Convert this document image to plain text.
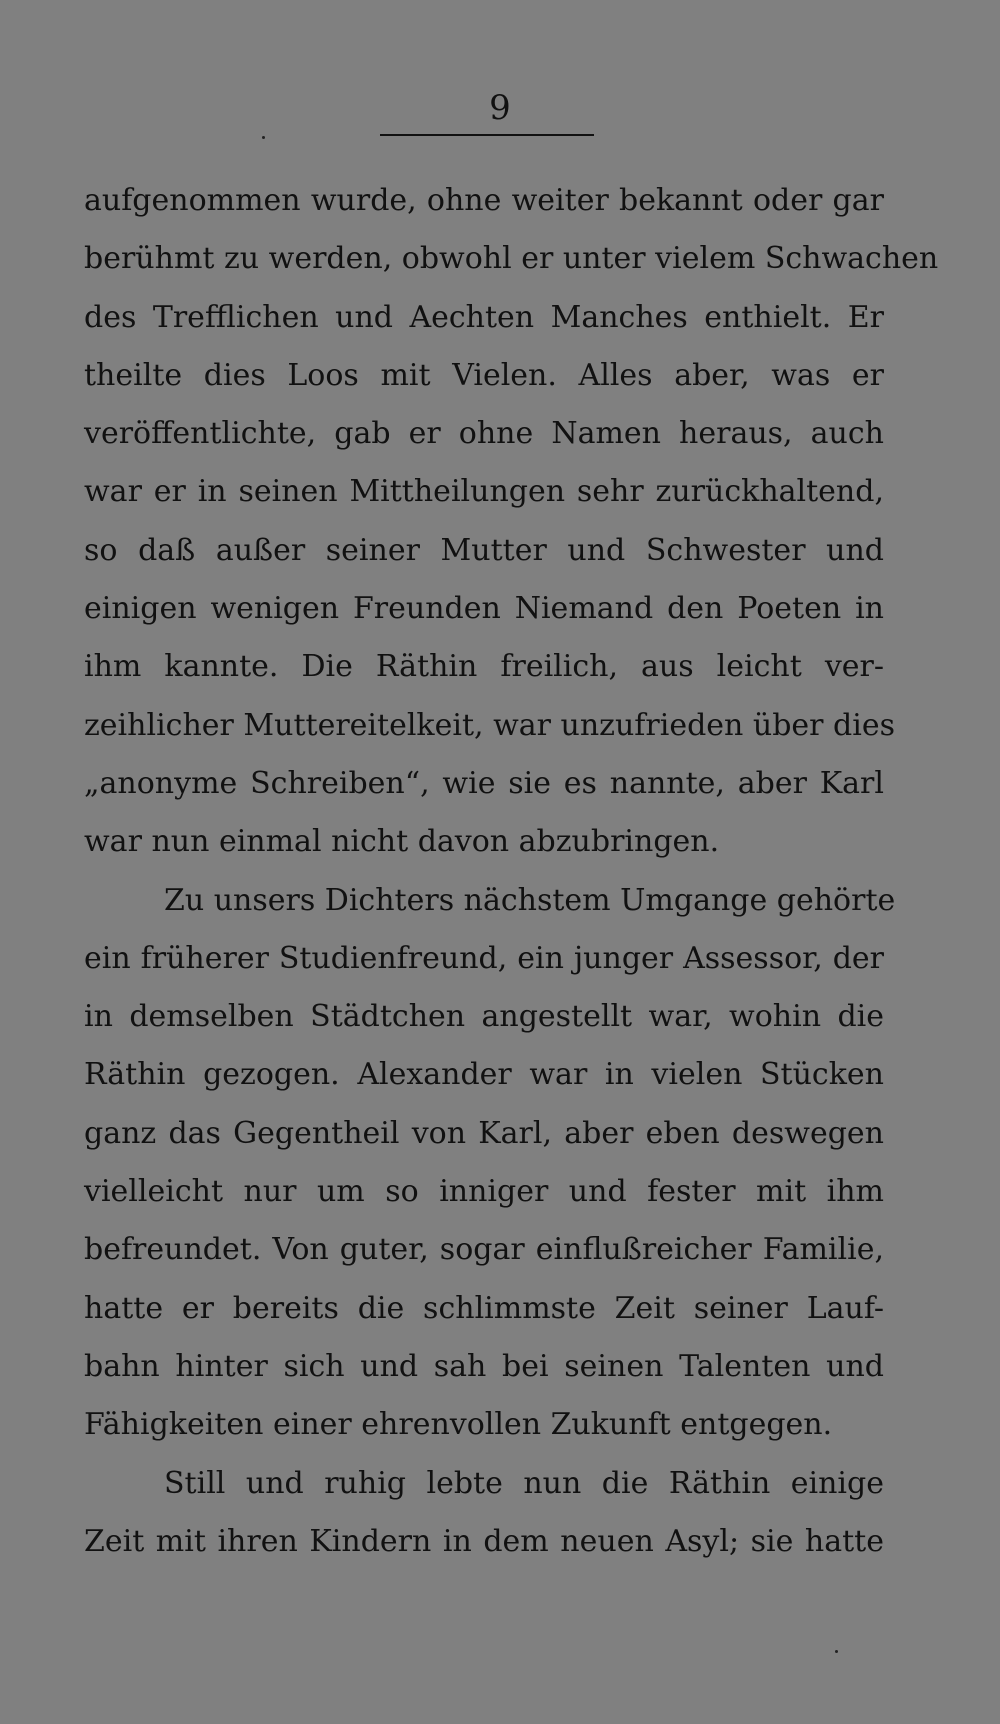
9
aufgenommen wurde, ohne weiter bekannt oder gar
berühmt zu werden, obwohl er unter vielem Schwachen
des Trefflichen und Aechten Manches enthielt. Er
theilte dies Loos mit Vielen. Alles aber, was er
veröffentlichte, gab er ohne Namen heraus, auch
war er in seinen Mittheilungen sehr zurückhaltend,
so daß außer seiner Mutter und Schwester und
einigen wenigen Freunden Niemand den Poeten in
ihm kannte. Die Räthin freilich, aus leicht ver-
zeihlicher Muttereitelkeit, war unzufrieden über dies
„anonyme Schreiben“, wie sie es nannte, aber Karl
war nun einmal nicht davon abzubringen.
Zu unsers Dichters nächstem Umgange gehörte
ein früherer Studienfreund, ein junger Assessor, der
in demselben Städtchen angestellt war, wohin die
Räthin gezogen. Alexander war in vielen Stücken
ganz das Gegentheil von Karl, aber eben deswegen
vielleicht nur um so inniger und fester mit ihm
befreundet. Von guter, sogar einflußreicher Familie,
hatte er bereits die schlimmste Zeit seiner Lauf-
bahn hinter sich und sah bei seinen Talenten und
Fähigkeiten einer ehrenvollen Zukunft entgegen.
Still und ruhig lebte nun die Räthin einige
Zeit mit ihren Kindern in dem neuen Asyl; sie hatte
